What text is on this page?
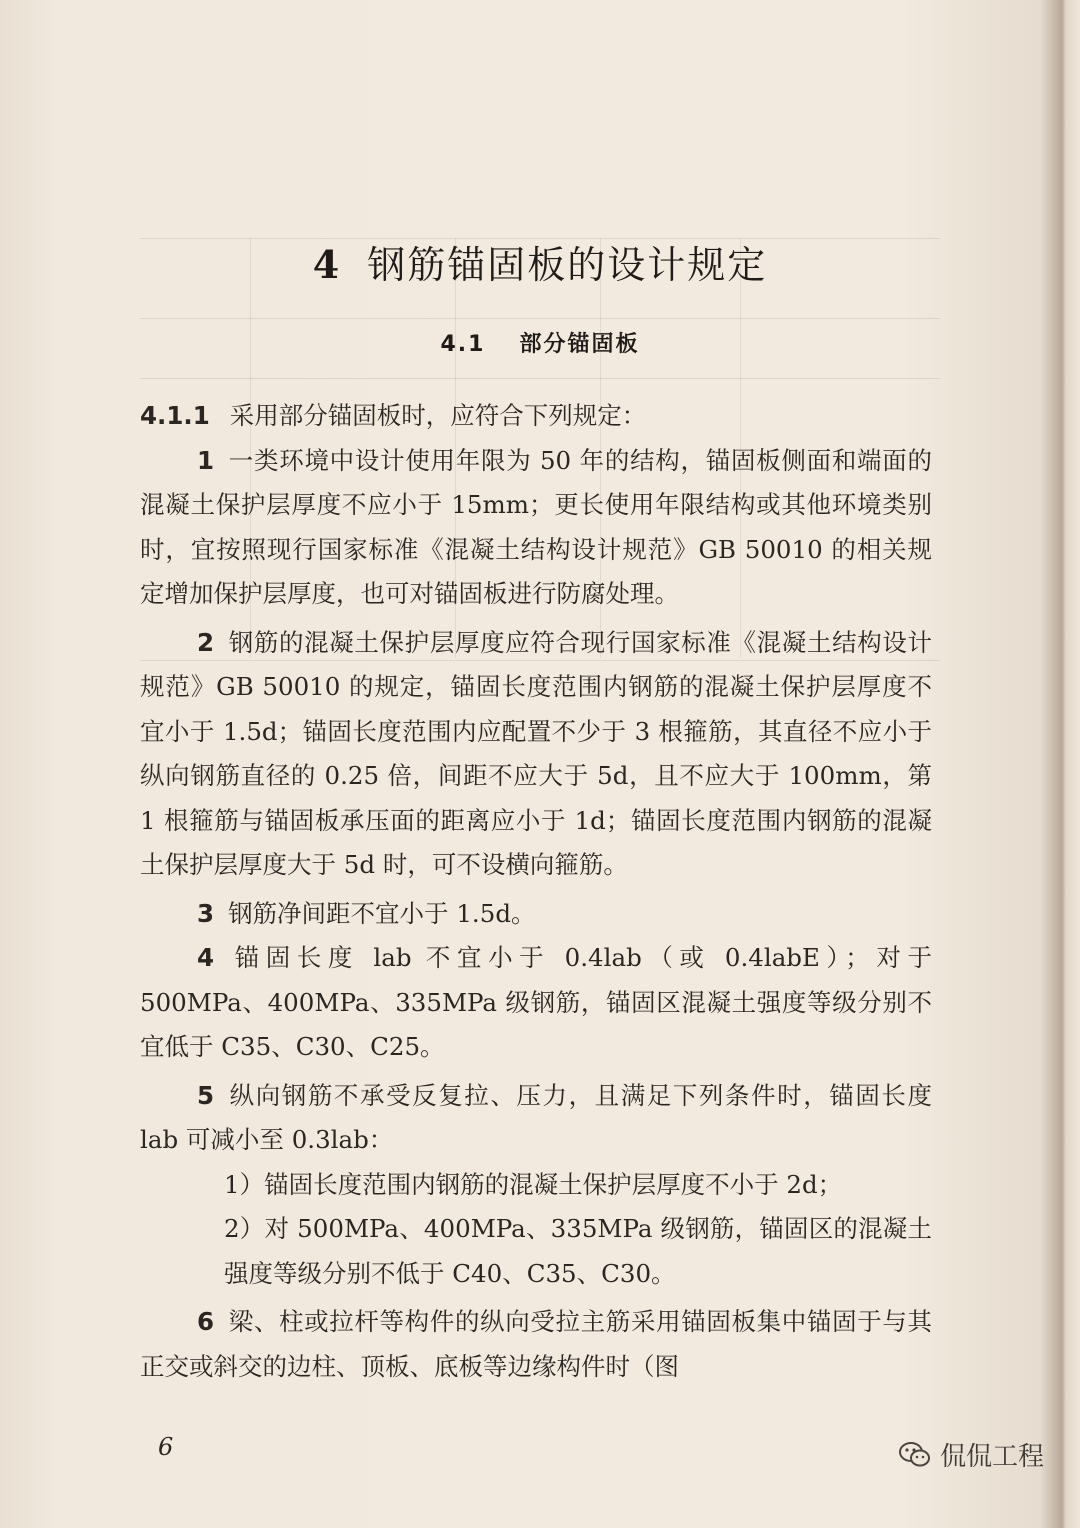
4 钢筋锚固板的设计规定
4.1 部分锚固板

4.1.1 采用部分锚固板时，应符合下列规定：

1 一类环境中设计使用年限为 50 年的结构，锚固板侧面和端面的混凝土保护层厚度不应小于 15mm；更长使用年限结构或其他环境类别时，宜按照现行国家标准《混凝土结构设计规范》GB 50010 的相关规定增加保护层厚度，也可对锚固板进行防腐处理。

2 钢筋的混凝土保护层厚度应符合现行国家标准《混凝土结构设计规范》GB 50010 的规定，锚固长度范围内钢筋的混凝土保护层厚度不宜小于 1.5d；锚固长度范围内应配置不少于 3 根箍筋，其直径不应小于纵向钢筋直径的 0.25 倍，间距不应大于 5d，且不应大于 100mm，第 1 根箍筋与锚固板承压面的距离应小于 1d；锚固长度范围内钢筋的混凝土保护层厚度大于 5d 时，可不设横向箍筋。

3 钢筋净间距不宜小于 1.5d。

4 锚固长度 lab 不宜小于 0.4lab（或 0.4labE）；对于 500MPa、400MPa、335MPa 级钢筋，锚固区混凝土强度等级分别不宜低于 C35、C30、C25。

5 纵向钢筋不承受反复拉、压力，且满足下列条件时，锚固长度 lab 可减小至 0.3lab：

1）锚固长度范围内钢筋的混凝土保护层厚度不小于 2d；

2）对 500MPa、400MPa、335MPa 级钢筋，锚固区的混凝土强度等级分别不低于 C40、C35、C30。

6 梁、柱或拉杆等构件的纵向受拉主筋采用锚固板集中锚固于与其正交或斜交的边柱、顶板、底板等边缘构件时（图

6	侃侃工程
